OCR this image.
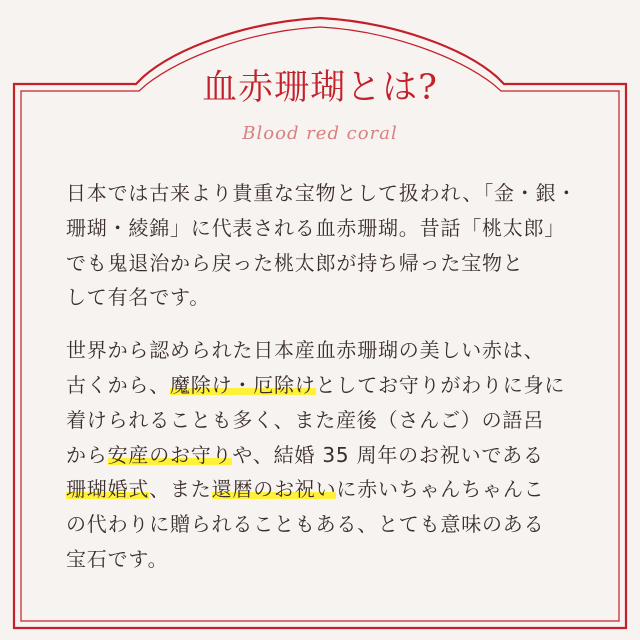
血赤珊瑚とは?
Blood red coral

日本では古来より貴重な宝物として扱われ、「金・銀・
珊瑚・綾錦」に代表される血赤珊瑚。昔話「桃太郎」
でも鬼退治から戻った桃太郎が持ち帰った宝物と
して有名です。

世界から認められた日本産血赤珊瑚の美しい赤は、
古くから、魔除け・厄除けとしてお守りがわりに身に
着けられることも多く、また産後（さんご）の語呂
から安産のお守りや、結婚 35 周年のお祝いである
珊瑚婚式、また還暦のお祝いに赤いちゃんちゃんこ
の代わりに贈られることもある、とても意味のある
宝石です。
